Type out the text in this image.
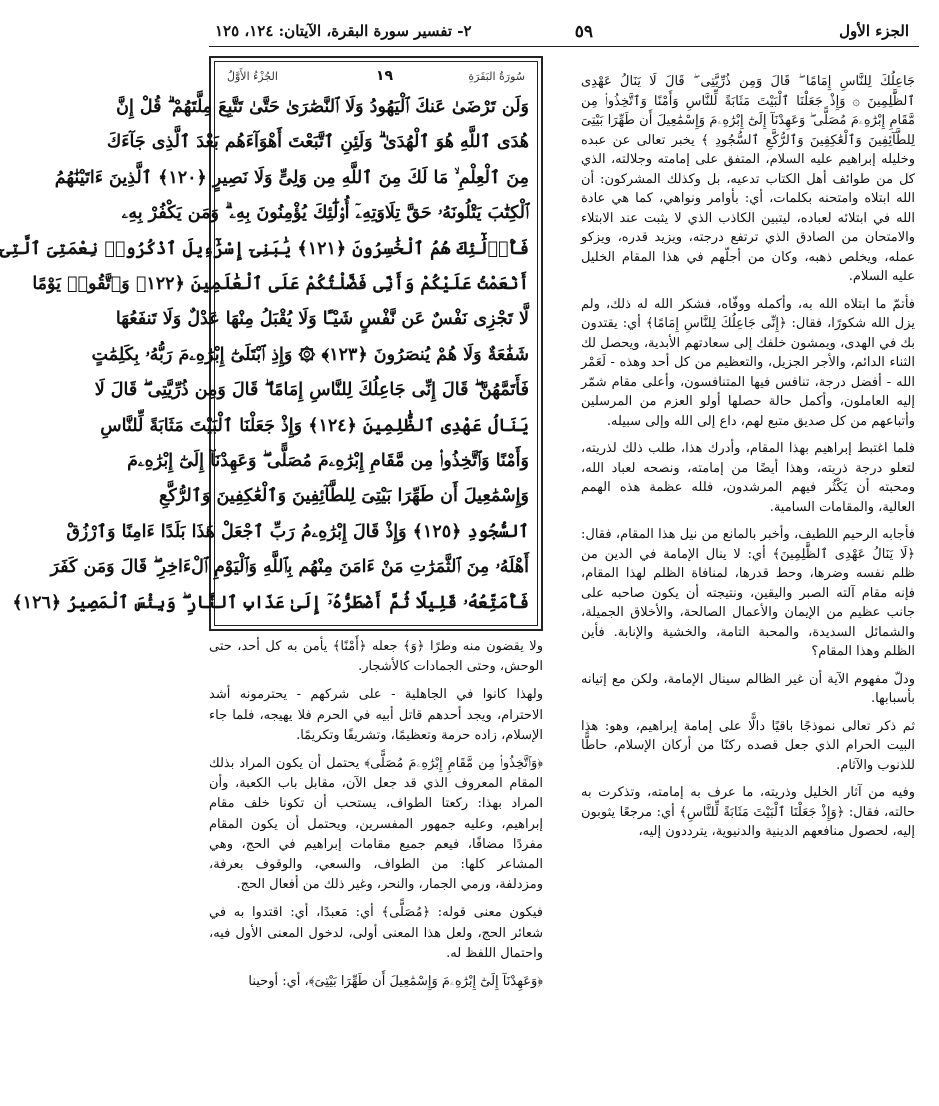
الجزء الأول
٥٩
٢- تفسير سورة البقرة، الآيتان: ١٢٤، ١٢٥

جَاعِلُكَ لِلنَّاسِ إِمَامًا ۖ قَالَ وَمِن ذُرِّيَّتِى ۖ قَالَ لَا يَنَالُ عَهْدِى ٱلظَّٰلِمِينَ ۞ وَإِذْ جَعَلْنَا ٱلْبَيْتَ مَثَابَةً لِّلنَّاسِ وَأَمْنًا وَٱتَّخِذُوا۟ مِن مَّقَامِ إِبْرَٰهِۦمَ مُصَلًّى ۖ وَعَهِدْنَآ إِلَىٰٓ إِبْرَٰهِۦمَ وَإِسْمَٰعِيلَ أَن طَهِّرَا بَيْتِىَ لِلطَّآئِفِينَ وَٱلْعَٰكِفِينَ وَٱلرُّكَّعِ ٱلسُّجُودِ ﴾ يخبر تعالى عن عبده وخليله إبراهيم عليه السلام، المتفق على إمامته وجلالته، الذي كل من طوائف أهل الكتاب تدعيه، بل وكذلك المشركون: أن الله ابتلاه وامتحنه بكلمات، أي: بأوامر ونواهي، كما هي عادة الله في ابتلائه لعباده، ليتبين الكاذب الذي لا يثبت عند الابتلاء والامتحان من الصادق الذي ترتفع درجته، ويزيد قدره، ويزكو عمله، ويخلص ذهبه، وكان من أجلّهم في هذا المقام الخليل عليه السلام.

فأتمّ ما ابتلاه الله به، وأكمله ووفّاه، فشكر الله له ذلك، ولم يزل الله شكورًا، فقال: ﴿إِنِّى جَاعِلُكَ لِلنَّاسِ إِمَامًا﴾ أي: يقتدون بك في الهدى، ويمشون خلفك إلى سعادتهم الأبدية، ويحصل لك الثناء الدائم، والأجر الجزيل، والتعظيم من كل أحد وهذه - لَعَمْر الله - أفضل درجة، تنافس فيها المتنافسون، وأعلى مقام شمّر إليه العاملون، وأكمل حالة حصلها أولو العزم من المرسلين وأتباعهم من كل صديق متبع لهم، داع إلى الله وإلى سبيله.

فلما اغتبط إبراهيم بهذا المقام، وأدرك هذا، طلب ذلك لذريته، لتعلو درجة ذريته، وهذا أيضًا من إمامته، ونصحه لعباد الله، ومحبته أن يَكْثُر فيهم المرشدون، فلله عظمة هذه الهمم العالية، والمقامات السامية.

فأجابه الرحيم اللطيف، وأخبر بالمانع من نيل هذا المقام، فقال: ﴿لَا يَنَالُ عَهْدِى ٱلظَّٰلِمِينَ﴾ أي: لا ينال الإمامة في الدين من ظلم نفسه وضرها، وحط قدرها، لمنافاة الظلم لهذا المقام، فإنه مقام آلته الصبر واليقين، ونتيجته أن يكون صاحبه على جانب عظيم من الإيمان والأعمال الصالحة، والأخلاق الجميلة، والشمائل السديدة، والمحبة التامة، والخشية والإنابة. فأين الظلم وهذا المقام؟

ودلّ مفهوم الآية أن غير الظالم سينال الإمامة، ولكن مع إتيانه بأسبابها.

ثم ذكر تعالى نموذجًا باقيًا دالًّا على إمامة إبراهيم، وهو: هذا البيت الحرام الذي جعل قصده ركنًا من أركان الإسلام، حاطًّا للذنوب والآثام.

وفيه من آثار الخليل وذريته، ما عرف به إمامته، وتذكرت به حالته، فقال: ﴿وَإِذْ جَعَلْنَا ٱلْبَيْتَ مَثَابَةً لِّلنَّاسِ﴾ أي: مرجعًا يثوبون إليه، لحصول منافعهم الدينية والدنيوية، يترددون إليه،

سُورَةُ البَقَرَةِ
١٩
الجُزْءُ الأَوَّلُ
وَلَن تَرْضَىٰ عَنكَ ٱلْيَهُودُ وَلَا ٱلنَّصَٰرَىٰ حَتَّىٰ تَتَّبِعَ مِلَّتَهُمْ ۗ قُلْ إِنَّ
هُدَى ٱللَّهِ هُوَ ٱلْهُدَىٰ ۗ وَلَئِنِ ٱتَّبَعْتَ أَهْوَآءَهُم بَعْدَ ٱلَّذِى جَآءَكَ
مِنَ ٱلْعِلْمِ ۙ مَا لَكَ مِنَ ٱللَّهِ مِن وَلِىٍّ وَلَا نَصِيرٍ ﴿١٢٠﴾ ٱلَّذِينَ ءَاتَيْنَٰهُمُ
ٱلْكِتَٰبَ يَتْلُونَهُۥ حَقَّ تِلَاوَتِهِۦٓ أُو۟لَٰٓئِكَ يُؤْمِنُونَ بِهِۦ ۗ وَمَن يَكْفُرْ بِهِۦ
فَأُو۟لَٰٓئِكَ هُمُ ٱلْخَٰسِرُونَ ﴿١٢١﴾ يَٰبَنِىٓ إِسْرَٰٓءِيلَ ٱذْكُرُوا۟ نِعْمَتِىَ ٱلَّتِىٓ
أَنْعَمْتُ عَلَيْكُمْ وَأَنِّى فَضَّلْتُكُمْ عَلَى ٱلْعَٰلَمِينَ ﴿١٢٢﴾ وَٱتَّقُوا۟ يَوْمًا
لَّا تَجْزِى نَفْسٌ عَن نَّفْسٍ شَيْـًٔا وَلَا يُقْبَلُ مِنْهَا عَدْلٌ وَلَا تَنفَعُهَا
شَفَٰعَةٌ وَلَا هُمْ يُنصَرُونَ ﴿١٢٣﴾ ۞ وَإِذِ ٱبْتَلَىٰٓ إِبْرَٰهِۦمَ رَبُّهُۥ بِكَلِمَٰتٍ
فَأَتَمَّهُنَّ ۖ قَالَ إِنِّى جَاعِلُكَ لِلنَّاسِ إِمَامًا ۖ قَالَ وَمِن ذُرِّيَّتِى ۖ قَالَ لَا
يَنَالُ عَهْدِى ٱلظَّٰلِمِينَ ﴿١٢٤﴾ وَإِذْ جَعَلْنَا ٱلْبَيْتَ مَثَابَةً لِّلنَّاسِ
وَأَمْنًا وَٱتَّخِذُوا۟ مِن مَّقَامِ إِبْرَٰهِۦمَ مُصَلًّى ۖ وَعَهِدْنَآ إِلَىٰٓ إِبْرَٰهِۦمَ
وَإِسْمَٰعِيلَ أَن طَهِّرَا بَيْتِىَ لِلطَّآئِفِينَ وَٱلْعَٰكِفِينَ وَٱلرُّكَّعِ
ٱلسُّجُودِ ﴿١٢٥﴾ وَإِذْ قَالَ إِبْرَٰهِۦمُ رَبِّ ٱجْعَلْ هَٰذَا بَلَدًا ءَامِنًا وَٱرْزُقْ
أَهْلَهُۥ مِنَ ٱلثَّمَرَٰتِ مَنْ ءَامَنَ مِنْهُم بِٱللَّهِ وَٱلْيَوْمِ ٱلْءَاخِرِ ۖ قَالَ وَمَن كَفَرَ
فَأُمَتِّعُهُۥ قَلِيلًا ثُمَّ أَضْطَرُّهُۥٓ إِلَىٰ عَذَابِ ٱلنَّارِ ۖ وَبِئْسَ ٱلْمَصِيرُ ﴿١٢٦﴾

ولا يقضون منه وطرًا ﴿وَ﴾ جعله ﴿أَمْنًا﴾ يأمن به كل أحد، حتى الوحش، وحتى الجمادات كالأشجار.

ولهذا كانوا في الجاهلية - على شركهم - يحترمونه أشد الاحترام، ويجد أحدهم قاتل أبيه في الحرم فلا يهيجه، فلما جاء الإسلام، زاده حرمة وتعظيمًا، وتشريفًا وتكريمًا.

﴿وَٱتَّخِذُوا۟ مِن مَّقَامِ إِبْرَٰهِۦمَ مُصَلًّى﴾ يحتمل أن يكون المراد بذلك المقام المعروف الذي قد جعل الآن، مقابل باب الكعبة، وأن المراد بهذا: ركعتا الطواف، يستحب أن تكونا خلف مقام إبراهيم، وعليه جمهور المفسرين، ويحتمل أن يكون المقام مفردًا مضافًا، فيعم جميع مقامات إبراهيم في الحج، وهي المشاعر كلها: من الطواف، والسعي، والوقوف بعرفة، ومزدلفة، ورمي الجمار، والنحر، وغير ذلك من أفعال الحج.

فيكون معنى قوله: ﴿مُصَلًّى﴾ أي: مَعبدًا، أي: اقتدوا به في شعائر الحج، ولعل هذا المعنى أولى، لدخول المعنى الأول فيه، واحتمال اللفظ له.

﴿وَعَهِدْنَآ إِلَىٰٓ إِبْرَٰهِۦمَ وَإِسْمَٰعِيلَ أَن طَهِّرَا بَيْتِىَ﴾، أي: أوحينا
